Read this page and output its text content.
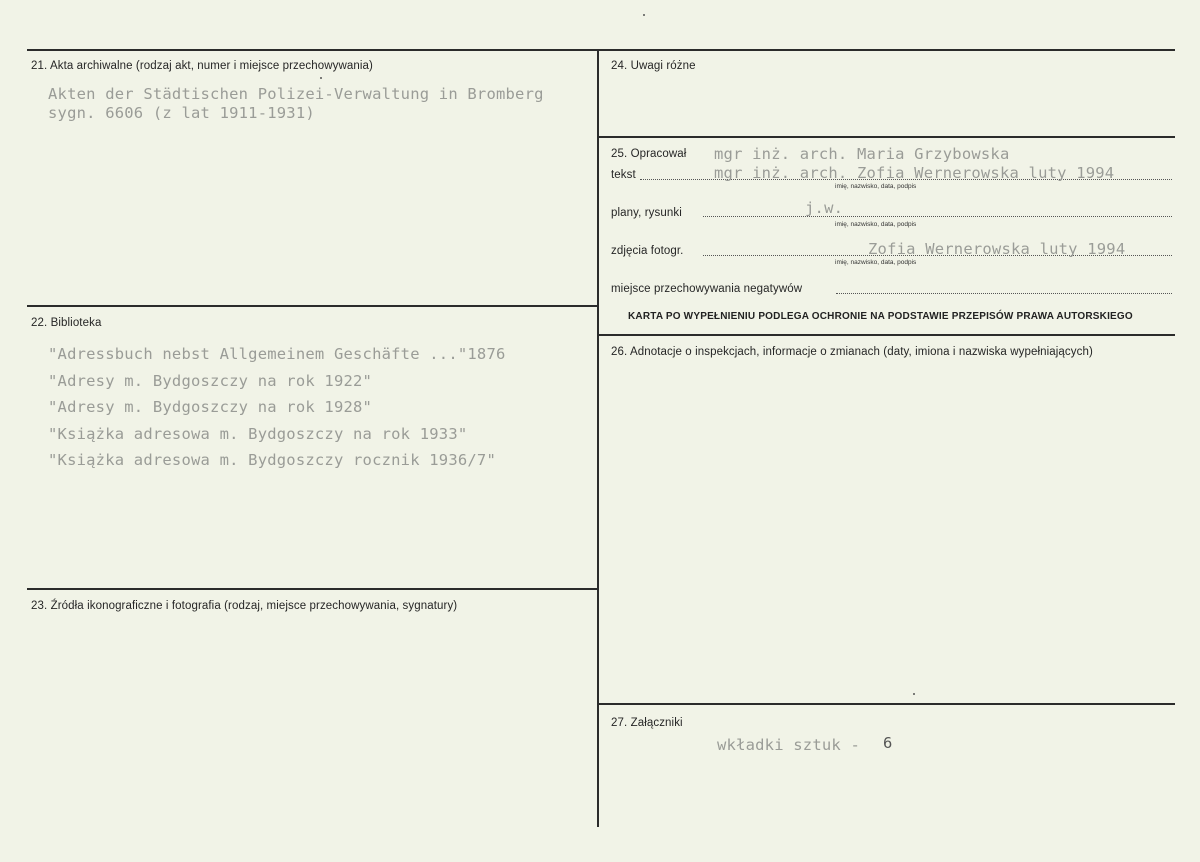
21. Akta archiwalne (rodzaj akt, numer i miejsce przechowywania)
Akten der Städtischen Polizei-Verwaltung in Bromberg
sygn. 6606 (z lat 1911-1931)
22. Biblioteka
"Adressbuch nebst Allgemeinem Geschäfte ..."1876
"Adresy m. Bydgoszczy na rok 1922"
"Adresy m. Bydgoszczy na rok 1928"
"Książka adresowa m. Bydgoszczy na rok 1933"
"Książka adresowa m. Bydgoszczy rocznik 1936/7"
23. Źródła ikonograficzne i fotografia (rodzaj, miejsce przechowywania, sygnatury)
24. Uwagi różne
25. Opracował mgr inż. arch. Maria Grzybowska
tekst	mgr inż. arch. Zofia Wernerowska luty 1994
imię, nazwisko, data, podpis
plany, rysunki	j.w.
imię, nazwisko, data, podpis
zdjęcia fotogr.	Zofia Wernerowska luty 1994
imię, nazwisko, data, podpis
miejsce przechowywania negatywów
KARTA PO WYPEŁNIENIU PODLEGA OCHRONIE NA PODSTAWIE PRZEPISÓW PRAWA AUTORSKIEGO
26. Adnotacje o inspekcjach, informacje o zmianach (daty, imiona i nazwiska wypełniających)
27. Załączniki
wkładki sztuk - 6
